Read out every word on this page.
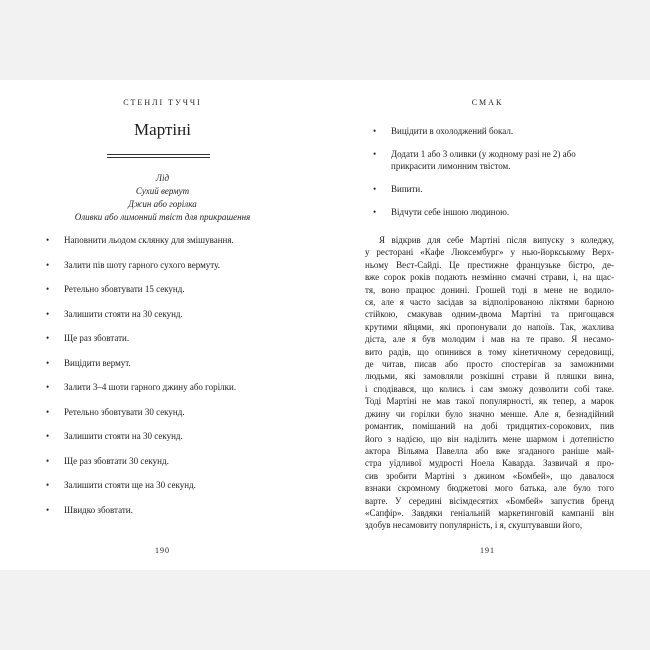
СТЕНЛІ ТУЧЧІ
Мартіні
Лід
Сухий вермут
Джин або горілка
Оливки або лимонний твіст для прикрашення
• Наповнити льодом склянку для змішування.
• Залити пів шоту гарного сухого вермуту.
• Ретельно збовтувати 15 секунд.
• Залишити стояти на 30 секунд.
• Ще раз збовтати.
• Вицідити вермут.
• Залити 3–4 шоти гарного джину або горілки.
• Ретельно збовтувати 30 секунд.
• Залишити стояти на 30 секунд.
• Ще раз збовтати 30 секунд.
• Залишити стояти ще на 30 секунд.
• Швидко збовтати.
190
СМАК
• Вицідити в охолоджений бокал.
• Додати 1 або 3 оливки (у жодному разі не 2) або прикрасити лимонним твістом.
• Випити.
• Відчути себе іншою людиною.
Я відкрив для себе Мартіні після випуску з коледжу,
у ресторані «Кафе Люксембург» у нью-йоркському Верх-
ньому Вест-Сайді. Це престижне французьке бістро, де-
вже сорок років подають незмінно смачні страви, і, на щас-
тя, воно працює донині. Грошей тоді в мене не водило-
ся, але я часто засідав за відполірованою ліктями барною
стійкою, смакував одним-двома Мартіні та пригощався
крутими яйцями, які пропонували до напоїв. Так, жахлива
діста, але я був молодим і мав на те право. Я несамо-
вито радів, що опинився в тому кінетичному середовищі,
де читав, писав або просто спостерігав за заможними
людьми, які замовляли розкішні страви й пляшки вина,
і сподівався, що колись і сам зможу дозволити собі таке.
Тоді Мартіні не мав такої популярності, як тепер, а марок
джину чи горілки було значно менше. Але я, безнадійний
романтик, помішаний на добі тридцятих-сорокових, пив
його з надією, що він наділить мене шармом і дотепністю
актора Вільяма Павелла або вже згаданого раніше май-
стра уїдливої мудрості Ноела Каварда. Зазвичай я про-
сив зробити Мартіні з джином «Бомбей», що давалося
взнаки скромному бюджетові мого батька, але було того
варте. У середині вісімдесятих «Бомбей» запустив бренд
«Сапфір». Завдяки геніальній маркетинговій кампанії він
здобув несамовиту популярність, і я, скуштувавши його,
191
